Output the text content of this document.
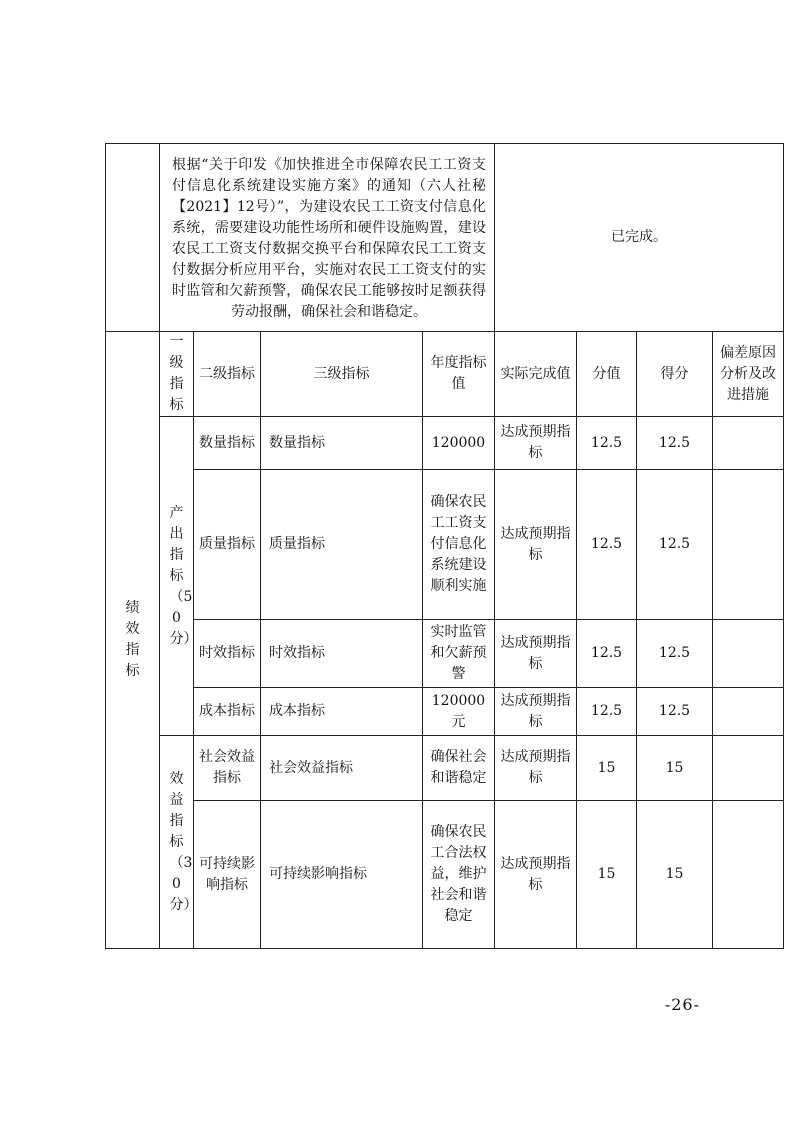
	根据“关于印发《加快推进全市保障农民工工资支付信息化系统建设实施方案》的通知（六人社秘【2021】12号）”，为建设农民工工资支付信息化系统，需要建设功能性场所和硬件设施购置，建设农民工工资支付数据交换平台和保障农民工工资支付数据分析应用平台，实施对农民工工资支付的实时监管和欠薪预警，确保农民工能够按时足额获得劳动报酬，确保社会和谐稳定。				已完成。			

绩效指标	一级指标	二级指标	三级指标	年度指标值	实际完成值	分值	得分	偏差原因分析及改进措施

	产出指标（50分）	数量指标	数量指标	120000	达成预期指标	12.5	12.5	
		质量指标	质量指标	确保农民工工资支付信息化系统建设顺利实施	达成预期指标	12.5	12.5	
		时效指标	时效指标	实时监管和欠薪预警	达成预期指标	12.5	12.5	
		成本指标	成本指标	120000元	达成预期指标	12.5	12.5	

	效益指标（30分）	社会效益指标	社会效益指标	确保社会和谐稳定	达成预期指标	15	15	
		可持续影响指标	可持续影响指标	确保农民工合法权益，维护社会和谐稳定	达成预期指标	15	15	
-26-
